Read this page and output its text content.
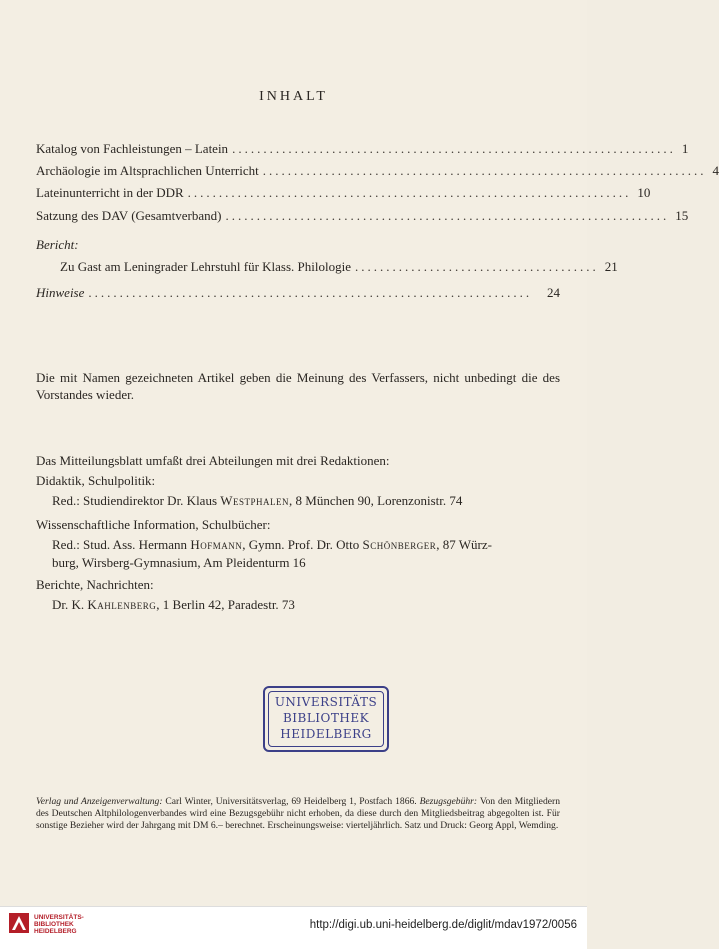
INHALT
Katalog von Fachleistungen – Latein ....................................................................... 1
Archäologie im Altsprachlichen Unterricht ....................................................................... 4
Lateinunterricht in der DDR ....................................................................... 10
Satzung des DAV (Gesamtverband) ....................................................................... 15
Bericht:
Zu Gast am Leningrader Lehrstuhl für Klass. Philologie ....................................... 21
Hinweise .......................................................................	24
Die mit Namen gezeichneten Artikel geben die Meinung des Verfassers, nicht unbedingt die des Vorstandes wieder.
Das Mitteilungsblatt umfaßt drei Abteilungen mit drei Redaktionen:
Didaktik, Schulpolitik:
Red.: Studiendirektor Dr. Klaus Westphalen, 8 München 90, Lorenzonistr. 74
Wissenschaftliche Information, Schulbücher:
Red.: Stud. Ass. Hermann Hofmann, Gymn. Prof. Dr. Otto Schönberger, 87 Würz-
burg, Wirsberg-Gymnasium, Am Pleidenturm 16
Berichte, Nachrichten:
Dr. K. Kahlenberg, 1 Berlin 42, Paradestr. 73
UNIVERSITÄTS
BIBLIOTHEK
HEIDELBERG
Verlag und Anzeigenverwaltung: Carl Winter, Universitätsverlag, 69 Heidelberg 1, Postfach 1866. Bezugsgebühr: Von den Mitgliedern des Deutschen Altphilologenverbandes wird eine Bezugsgebühr nicht erhoben, da diese durch den Mitgliedsbeitrag abgegolten ist. Für sonstige Bezieher wird der Jahrgang mit DM 6.– berechnet. Erscheinungsweise: vierteljährlich. Satz und Druck: Georg Appl, Wemding.
UNIVERSITÄTS-
BIBLIOTHEK
HEIDELBERG
http://digi.ub.uni-heidelberg.de/diglit/mdav1972/0056
